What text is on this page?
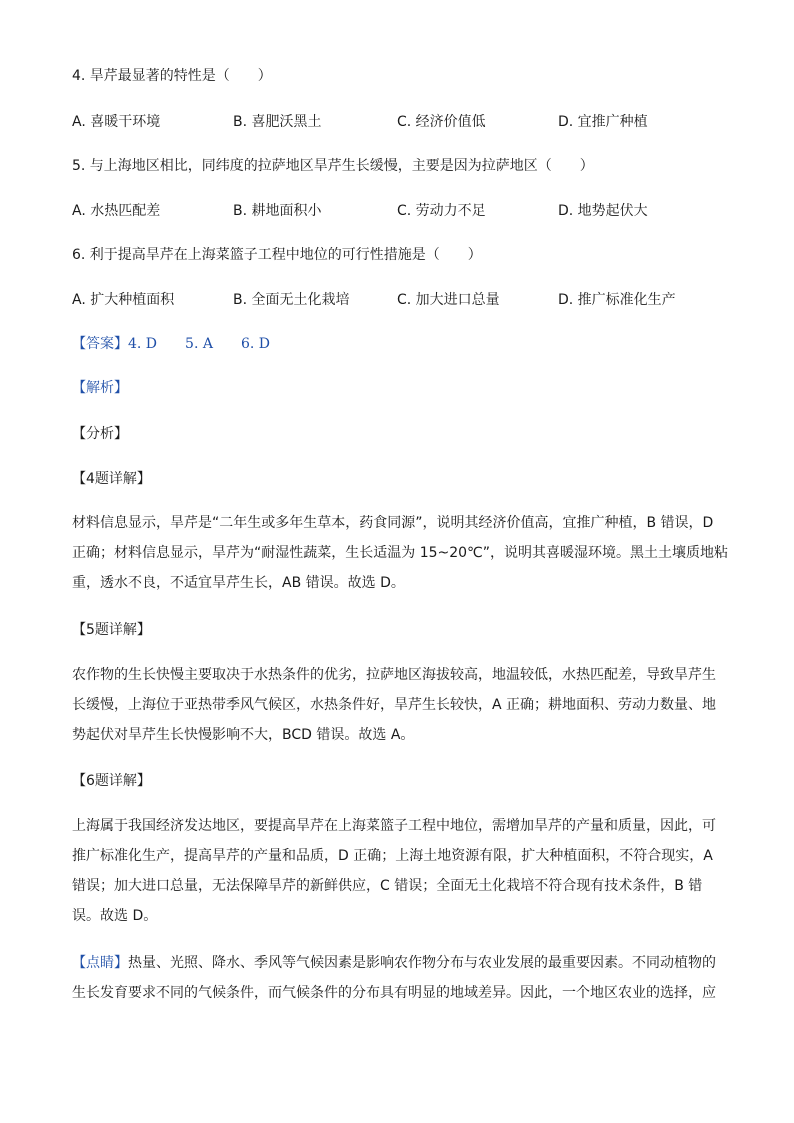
4. 旱芹最显著的特性是（　　）
A. 喜暖干环境	B. 喜肥沃黑土	C. 经济价值低	D. 宜推广种植
5. 与上海地区相比，同纬度的拉萨地区旱芹生长缓慢，主要是因为拉萨地区（　　）
A. 水热匹配差	B. 耕地面积小	C. 劳动力不足	D. 地势起伏大
6. 利于提高旱芹在上海菜篮子工程中地位的可行性措施是（　　）
A. 扩大种植面积	B. 全面无土化栽培	C. 加大进口总量	D. 推广标准化生产
【答案】4. D　　5. A　　6. D
【解析】
【分析】
【4题详解】

材料信息显示，旱芹是“二年生或多年生草本，药食同源”，说明其经济价值高，宜推广种植，B 错误，D

正确；材料信息显示，旱芹为“耐湿性蔬菜，生长适温为 15~20℃”，说明其喜暖湿环境。黑土土壤质地粘

重，透水不良，不适宜旱芹生长，AB 错误。故选 D。

【5题详解】

农作物的生长快慢主要取决于水热条件的优劣，拉萨地区海拔较高，地温较低，水热匹配差，导致旱芹生

长缓慢，上海位于亚热带季风气候区，水热条件好，旱芹生长较快，A 正确；耕地面积、劳动力数量、地

势起伏对旱芹生长快慢影响不大，BCD 错误。故选 A。

【6题详解】

上海属于我国经济发达地区，要提高旱芹在上海菜篮子工程中地位，需增加旱芹的产量和质量，因此，可

推广标准化生产，提高旱芹的产量和品质，D 正确；上海土地资源有限，扩大种植面积，不符合现实，A

错误；加大进口总量，无法保障旱芹的新鲜供应，C 错误；全面无土化栽培不符合现有技术条件，B 错

误。故选 D。

【点睛】热量、光照、降水、季风等气候因素是影响农作物分布与农业发展的最重要因素。不同动植物的

生长发育要求不同的气候条件，而气候条件的分布具有明显的地域差异。因此，一个地区农业的选择，应
